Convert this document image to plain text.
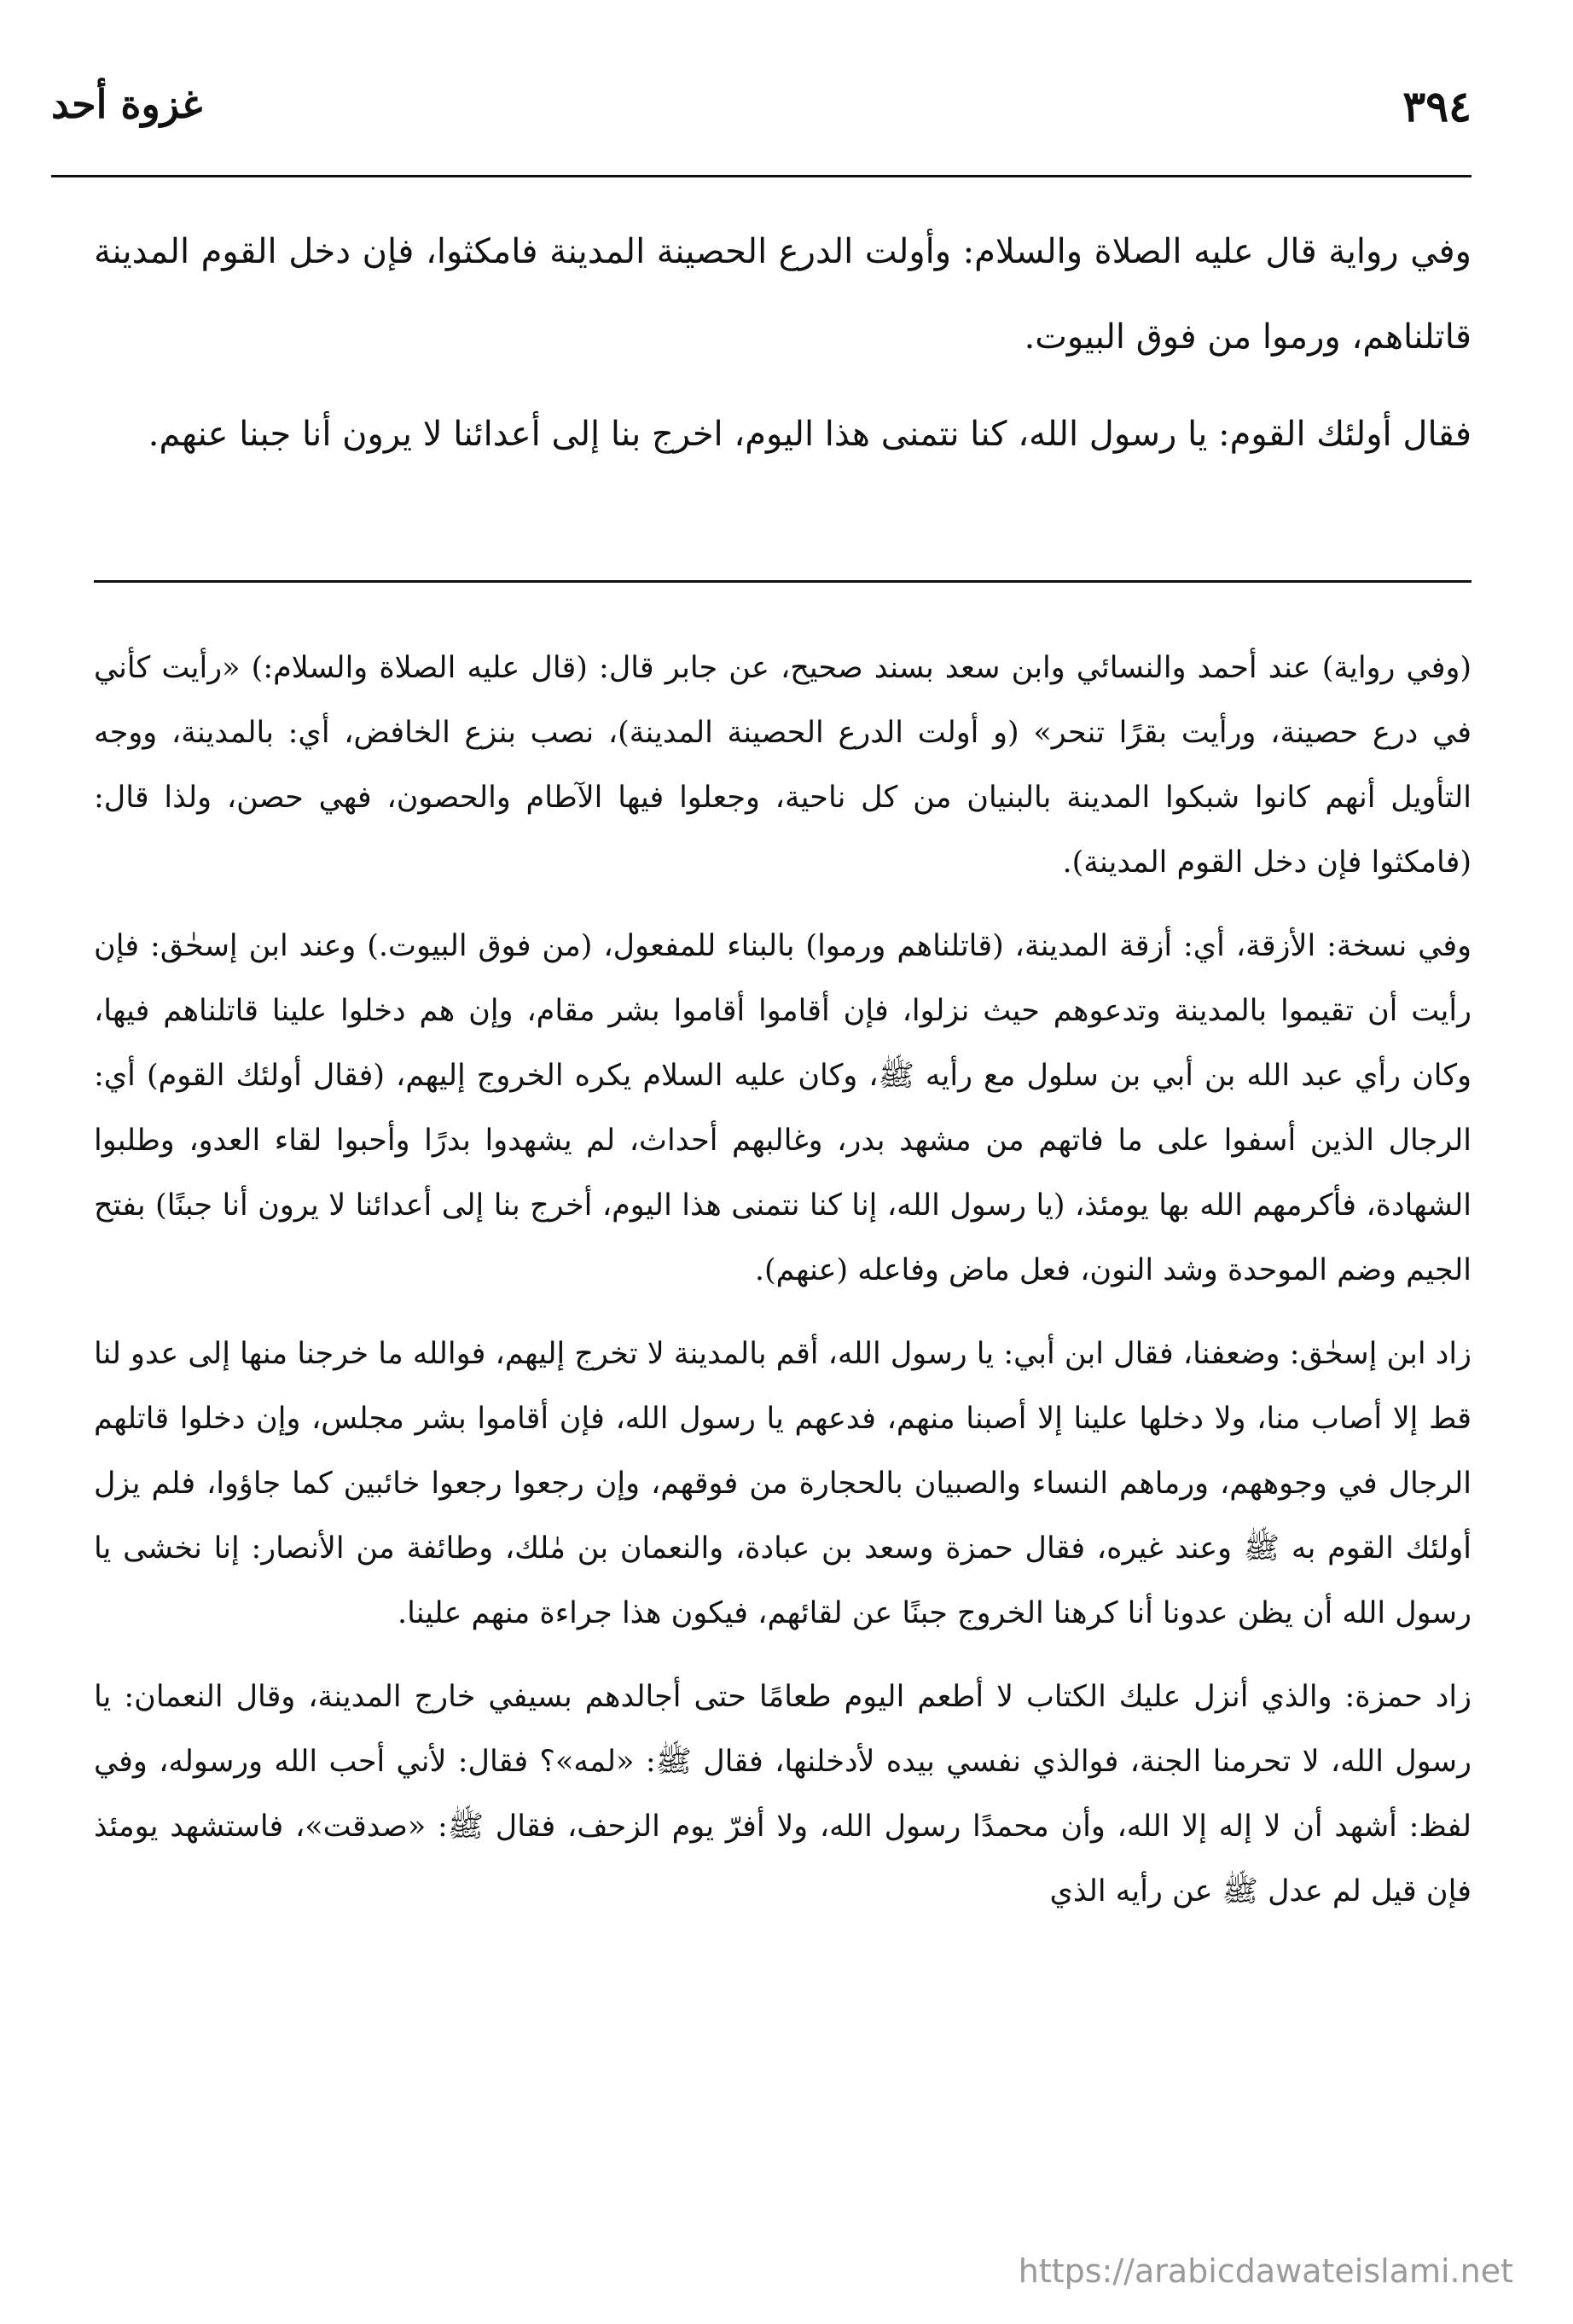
غزوة أحد	٣٩٤

وفي رواية قال عليه الصلاة والسلام: وأولت الدرع الحصينة المدينة فامكثوا، فإن دخل القوم المدينة قاتلناهم، ورموا من فوق البيوت.

فقال أولئك القوم: يا رسول الله، كنا نتمنى هذا اليوم، اخرج بنا إلى أعدائنا لا يرون أنا جبنا عنهم.

(وفي رواية) عند أحمد والنسائي وابن سعد بسند صحيح، عن جابر قال: (قال عليه الصلاة والسلام:) «رأيت كأني في درع حصينة، ورأيت بقرًا تنحر» (و أولت الدرع الحصينة المدينة)، نصب بنزع الخافض، أي: بالمدينة، ووجه التأويل أنهم كانوا شبكوا المدينة بالبنيان من كل ناحية، وجعلوا فيها الآطام والحصون، فهي حصن، ولذا قال: (فامكثوا فإن دخل القوم المدينة).

وفي نسخة: الأزقة، أي: أزقة المدينة، (قاتلناهم ورموا) بالبناء للمفعول، (من فوق البيوت.) وعند ابن إسحٰق: فإن رأيت أن تقيموا بالمدينة وتدعوهم حيث نزلوا، فإن أقاموا أقاموا بشر مقام، وإن هم دخلوا علينا قاتلناهم فيها، وكان رأي عبد الله بن أبي بن سلول مع رأيه ﷺ، وكان عليه السلام يكره الخروج إليهم، (فقال أولئك القوم) أي: الرجال الذين أسفوا على ما فاتهم من مشهد بدر، وغالبهم أحداث، لم يشهدوا بدرًا وأحبوا لقاء العدو، وطلبوا الشهادة، فأكرمهم الله بها يومئذ، (يا رسول الله، إنا كنا نتمنى هذا اليوم، أخرج بنا إلى أعدائنا لا يرون أنا جبنًا) بفتح الجيم وضم الموحدة وشد النون، فعل ماض وفاعله (عنهم).

زاد ابن إسحٰق: وضعفنا، فقال ابن أبي: يا رسول الله، أقم بالمدينة لا تخرج إليهم، فوالله ما خرجنا منها إلى عدو لنا قط إلا أصاب منا، ولا دخلها علينا إلا أصبنا منهم، فدعهم يا رسول الله، فإن أقاموا بشر مجلس، وإن دخلوا قاتلهم الرجال في وجوههم، ورماهم النساء والصبيان بالحجارة من فوقهم، وإن رجعوا رجعوا خائبين كما جاؤوا، فلم يزل أولئك القوم به ﷺ وعند غيره، فقال حمزة وسعد بن عبادة، والنعمان بن مٰلك، وطائفة من الأنصار: إنا نخشى يا رسول الله أن يظن عدونا أنا كرهنا الخروج جبنًا عن لقائهم، فيكون هذا جراءة منهم علينا.

زاد حمزة: والذي أنزل عليك الكتاب لا أطعم اليوم طعامًا حتى أجالدهم بسيفي خارج المدينة، وقال النعمان: يا رسول الله، لا تحرمنا الجنة، فوالذي نفسي بيده لأدخلنها، فقال ﷺ: «لمه»؟ فقال: لأني أحب الله ورسوله، وفي لفظ: أشهد أن لا إله إلا الله، وأن محمدًا رسول الله، ولا أفرّ يوم الزحف، فقال ﷺ: «صدقت»، فاستشهد يومئذ فإن قيل لم عدل ﷺ عن رأيه الذي

https://arabicdawateislami.net
